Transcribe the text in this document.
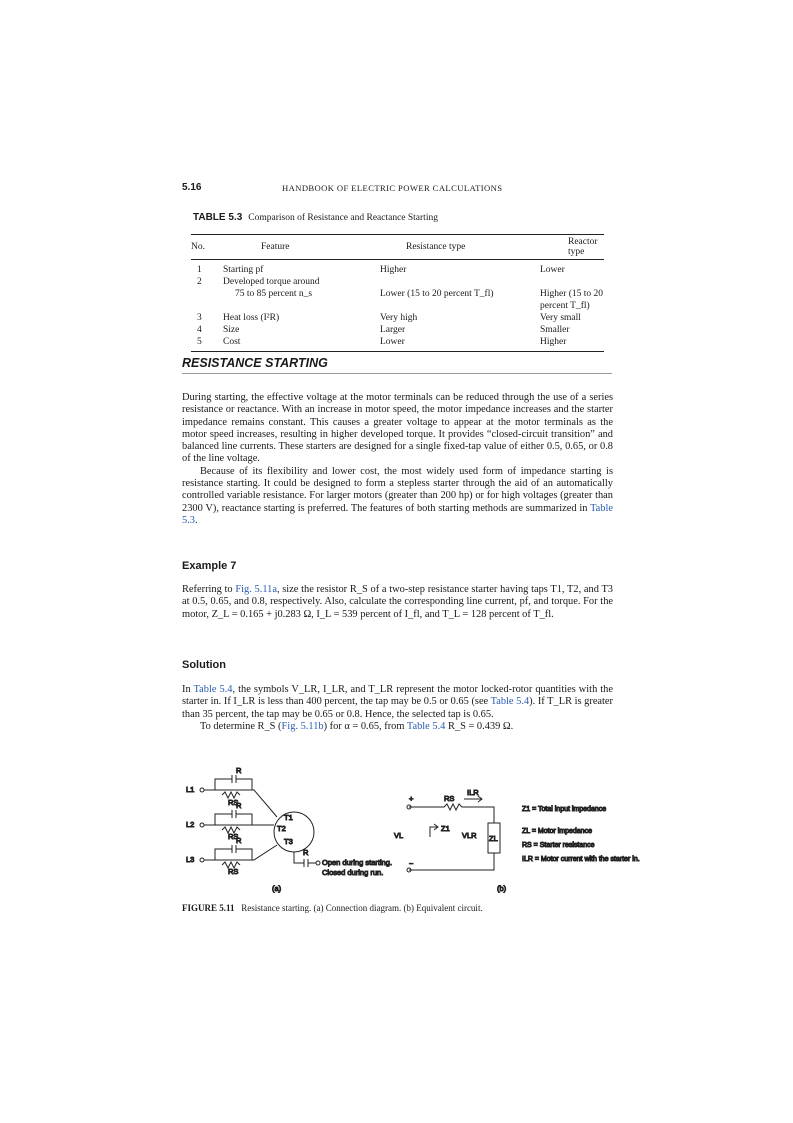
5.16	HANDBOOK OF ELECTRIC POWER CALCULATIONS
TABLE 5.3 Comparison of Resistance and Reactance Starting
No.	Feature	Resistance type	Reactor type
1	Starting pf	Higher	Lower
2	Developed torque around		
	75 to 85 percent n_s	Lower (15 to 20 percent T_fl)	Higher (15 to 20 percent T_fl)
3	Heat loss (I²R)	Very high	Very small
4	Size	Larger	Smaller
5	Cost	Lower	Higher
RESISTANCE STARTING

During starting, the effective voltage at the motor terminals can be reduced through the use of a series resistance or reactance. With an increase in motor speed, the motor impedance increases and the starter impedance remains constant. This causes a greater voltage to appear at the motor terminals as the motor speed increases, resulting in higher developed torque. It provides “closed-circuit transition” and balanced line currents. These starters are designed for a single fixed-tap value of either 0.5, 0.65, or 0.8 of the line voltage.

Because of its flexibility and lower cost, the most widely used form of impedance starting is resistance starting. It could be designed to form a stepless starter through the aid of an automatically controlled variable resistance. For larger motors (greater than 200 hp) or for high voltages (greater than 2300 V), reactance starting is preferred. The features of both starting methods are summarized in Table 5.3.

Example 7

Referring to Fig. 5.11a, size the resistor R_S of a two-step resistance starter having taps T1, T2, and T3 at 0.5, 0.65, and 0.8, respectively. Also, calculate the corresponding line current, pf, and torque. For the motor, Z_L = 0.165 + j0.283 Ω, I_L = 539 percent of I_fl, and T_L = 128 percent of T_fl.

Solution

In Table 5.4, the symbols V_LR, I_LR, and T_LR represent the motor locked-rotor quantities with the starter in. If I_LR is less than 400 percent, the tap may be 0.5 or 0.65 (see Table 5.4). If T_LR is greater than 35 percent, the tap may be 0.65 or 0.8. Hence, the selected tap is 0.65.

To determine R_S (Fig. 5.11b) for α = 0.65, from Table 5.4 R_S = 0.439 Ω.

L1
L2
L3
R
RS
R
RS
R
RS
T1
T2
T3
R
Open during starting.
Closed during run.
(a)
+
−
RS
ILR
Z1
VL	VLR ZL
(b)
Z1 = Total input impedance
ZL = Motor impedance
RS = Starter resistance
ILR = Motor current with the starter in.
FIGURE 5.11 Resistance starting. (a) Connection diagram. (b) Equivalent circuit.
